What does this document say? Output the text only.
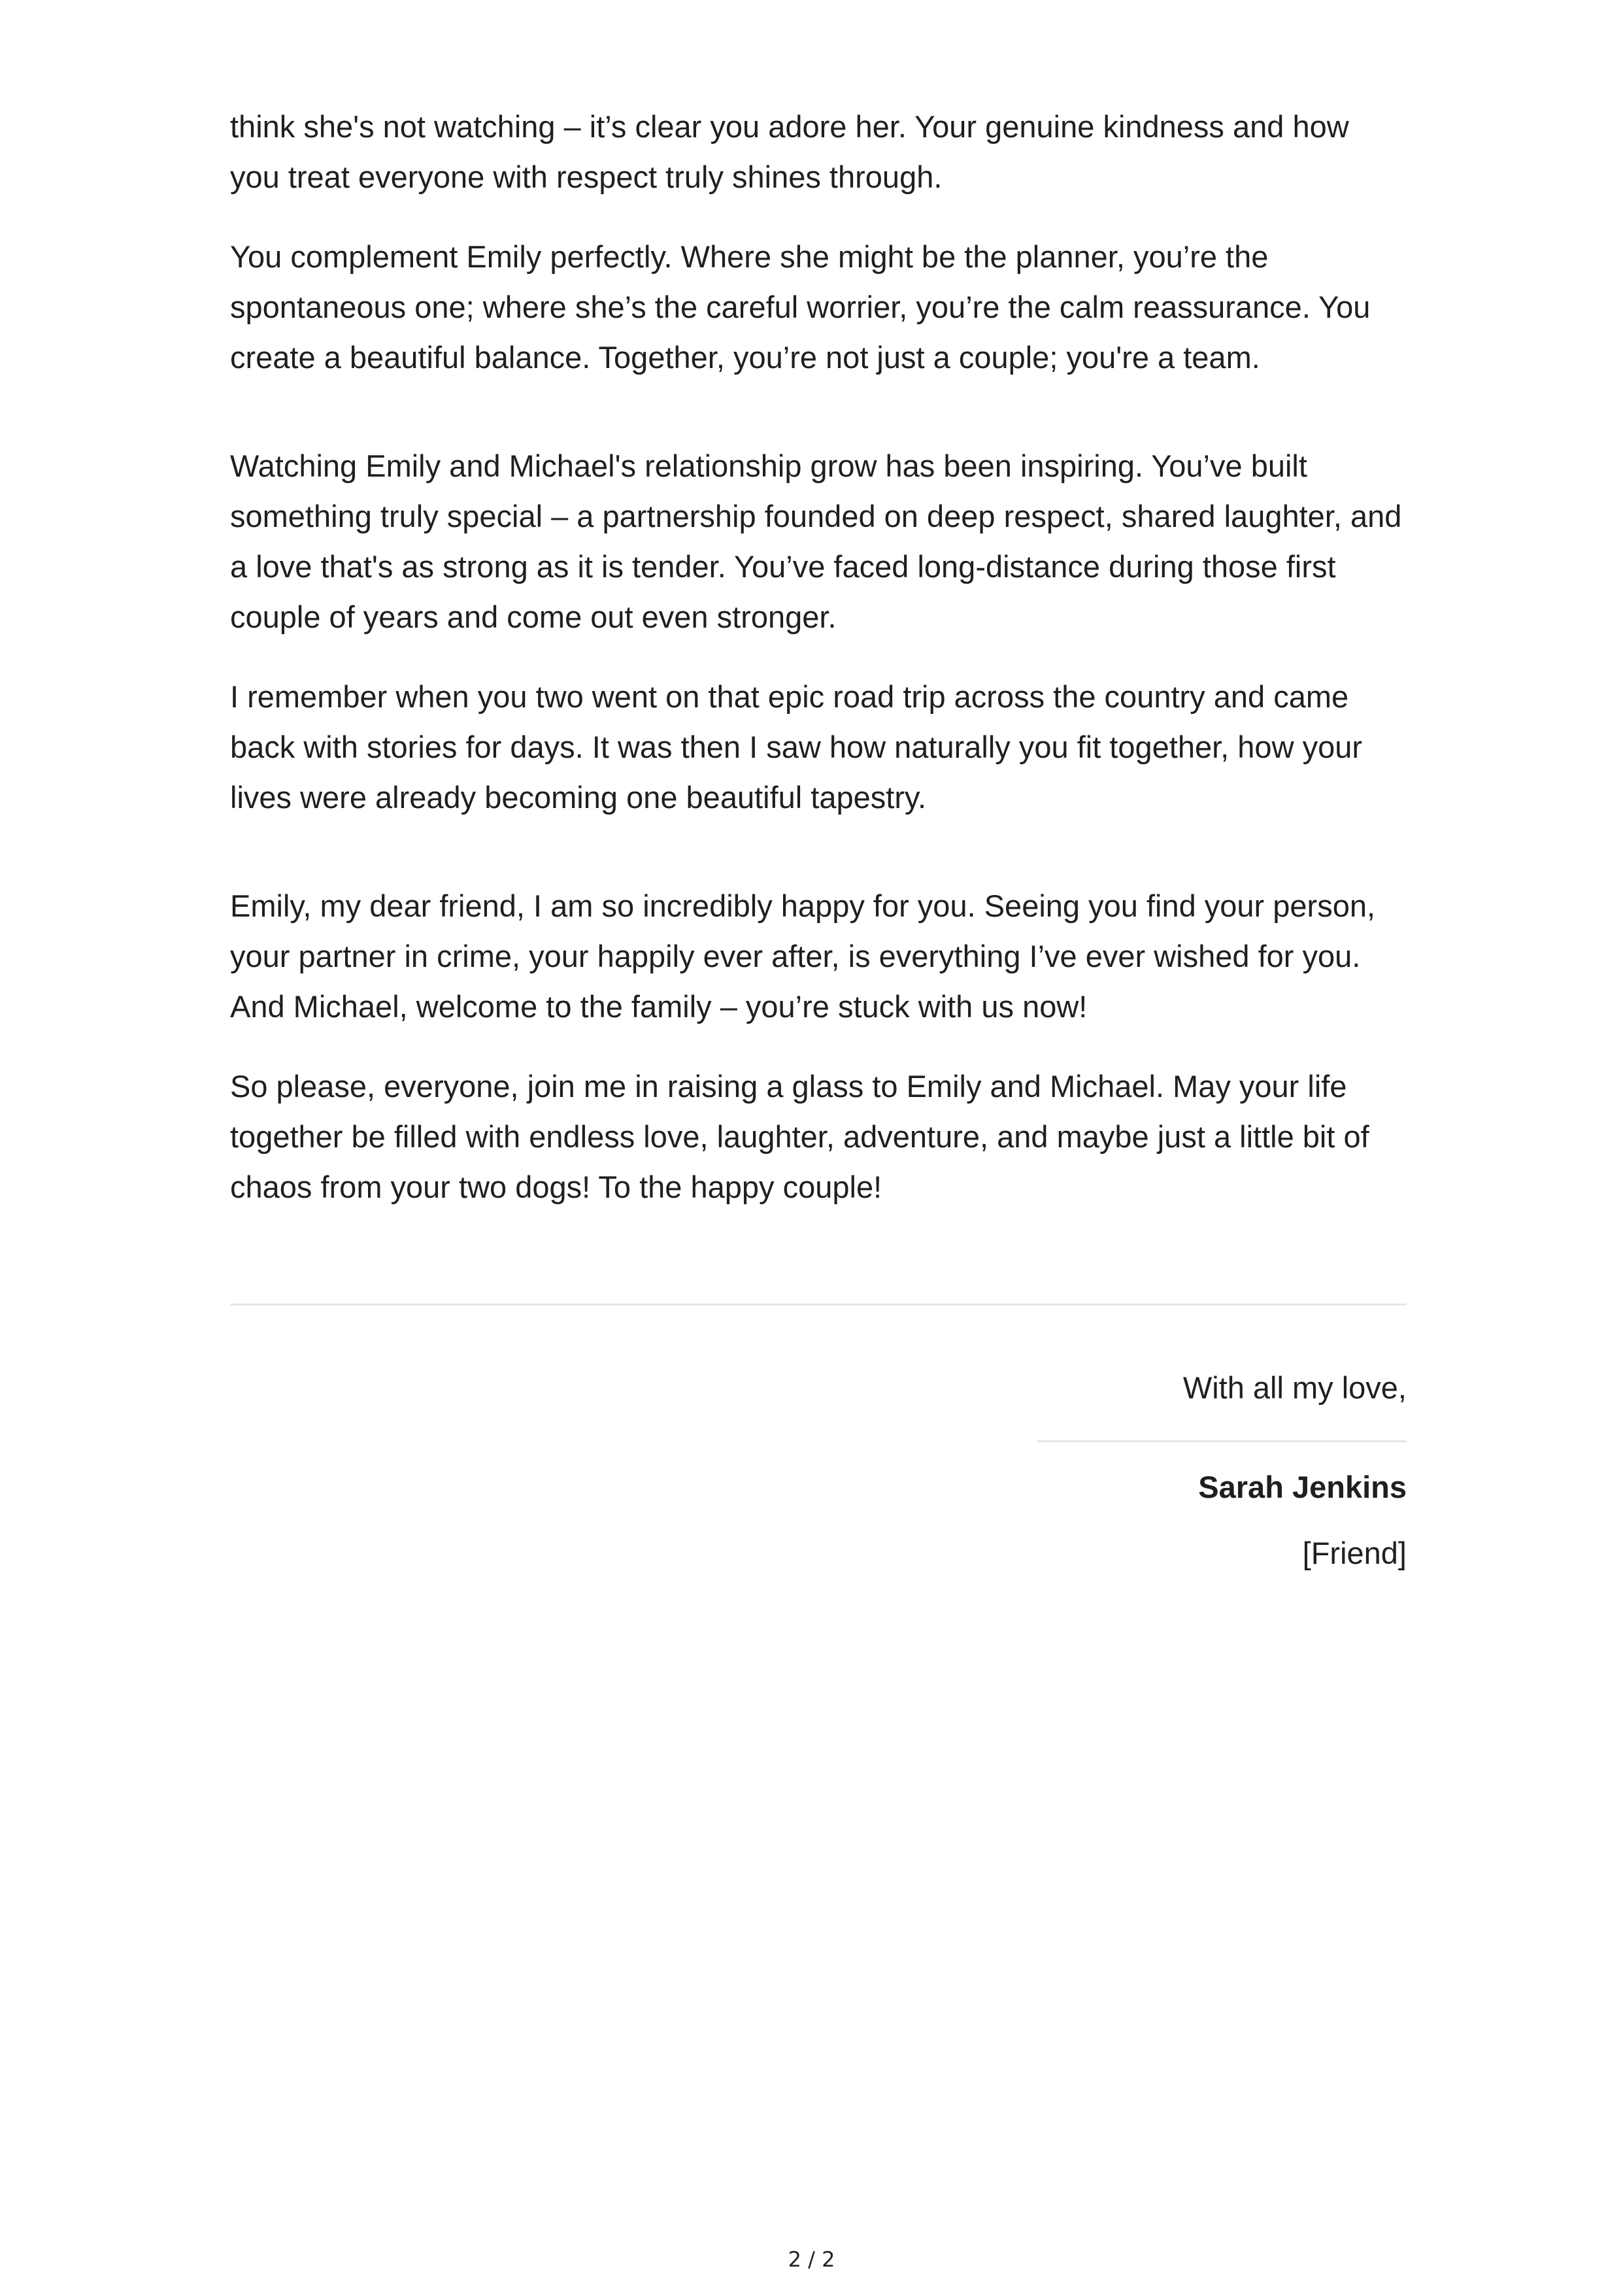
think she's not watching – it’s clear you adore her. Your genuine kindness and how you treat everyone with respect truly shines through.

You complement Emily perfectly. Where she might be the planner, you’re the spontaneous one; where she’s the careful worrier, you’re the calm reassurance. You create a beautiful balance. Together, you’re not just a couple; you're a team.

Watching Emily and Michael's relationship grow has been inspiring. You’ve built something truly special – a partnership founded on deep respect, shared laughter, and a love that's as strong as it is tender. You’ve faced long-distance during those first couple of years and come out even stronger.

I remember when you two went on that epic road trip across the country and came back with stories for days. It was then I saw how naturally you fit together, how your lives were already becoming one beautiful tapestry.

Emily, my dear friend, I am so incredibly happy for you. Seeing you find your person, your partner in crime, your happily ever after, is everything I’ve ever wished for you. And Michael, welcome to the family – you’re stuck with us now!

So please, everyone, join me in raising a glass to Emily and Michael. May your life together be filled with endless love, laughter, adventure, and maybe just a little bit of chaos from your two dogs! To the happy couple!

With all my love,

Sarah Jenkins

[Friend]

2 / 2
